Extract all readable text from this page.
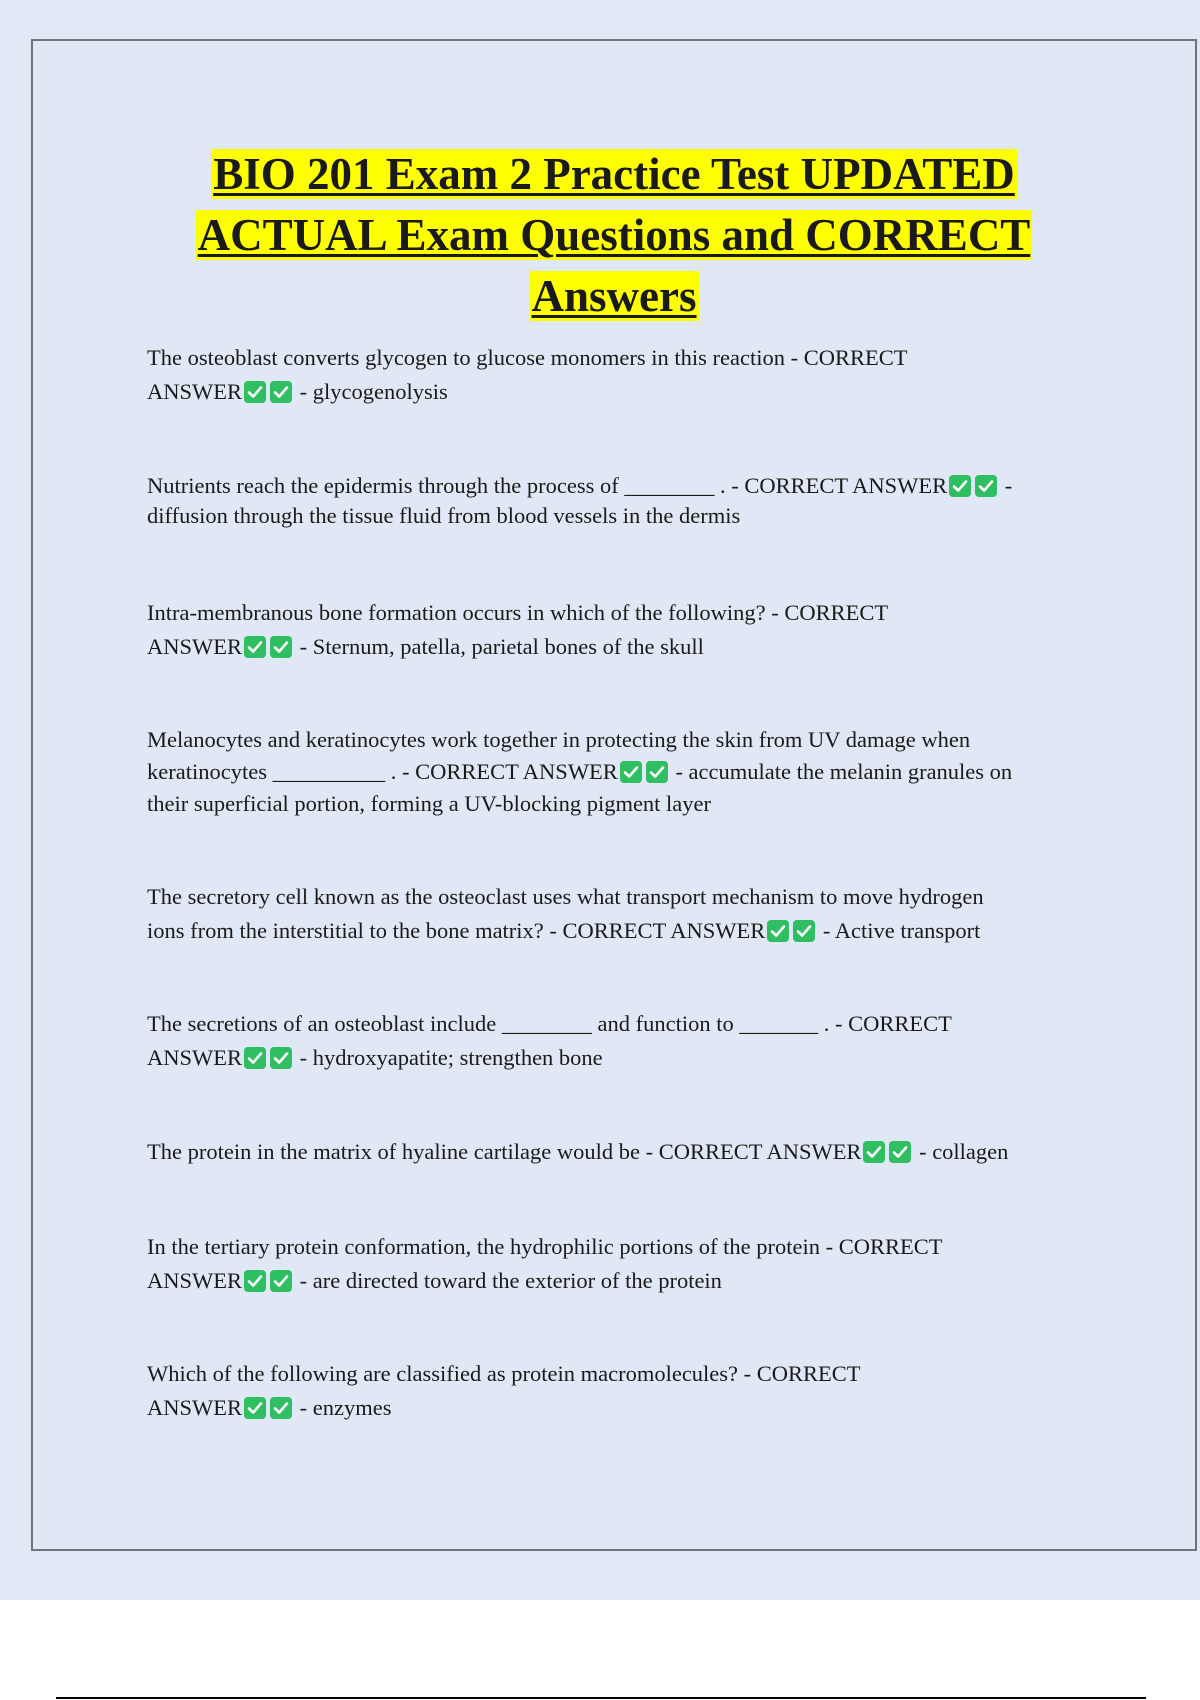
BIO 201 Exam 2 Practice Test UPDATED
ACTUAL Exam Questions and CORRECT
Answers
The osteoblast converts glycogen to glucose monomers in this reaction - CORRECT
ANSWER
- glycogenolysis
Nutrients reach the epidermis through the process of ________ . - CORRECT ANSWER
-
diffusion through the tissue fluid from blood vessels in the dermis
Intra-membranous bone formation occurs in which of the following? - CORRECT
ANSWER
- Sternum, patella, parietal bones of the skull
Melanocytes and keratinocytes work together in protecting the skin from UV damage when
keratinocytes __________ . - CORRECT ANSWER
- accumulate the melanin granules on
their superficial portion, forming a UV-blocking pigment layer
The secretory cell known as the osteoclast uses what transport mechanism to move hydrogen
ions from the interstitial to the bone matrix? - CORRECT ANSWER
- Active transport
The secretions of an osteoblast include ________ and function to _______ . - CORRECT
ANSWER
- hydroxyapatite; strengthen bone
The protein in the matrix of hyaline cartilage would be - CORRECT ANSWER
- collagen
In the tertiary protein conformation, the hydrophilic portions of the protein - CORRECT
ANSWER
- are directed toward the exterior of the protein
Which of the following are classified as protein macromolecules? - CORRECT
ANSWER
- enzymes
